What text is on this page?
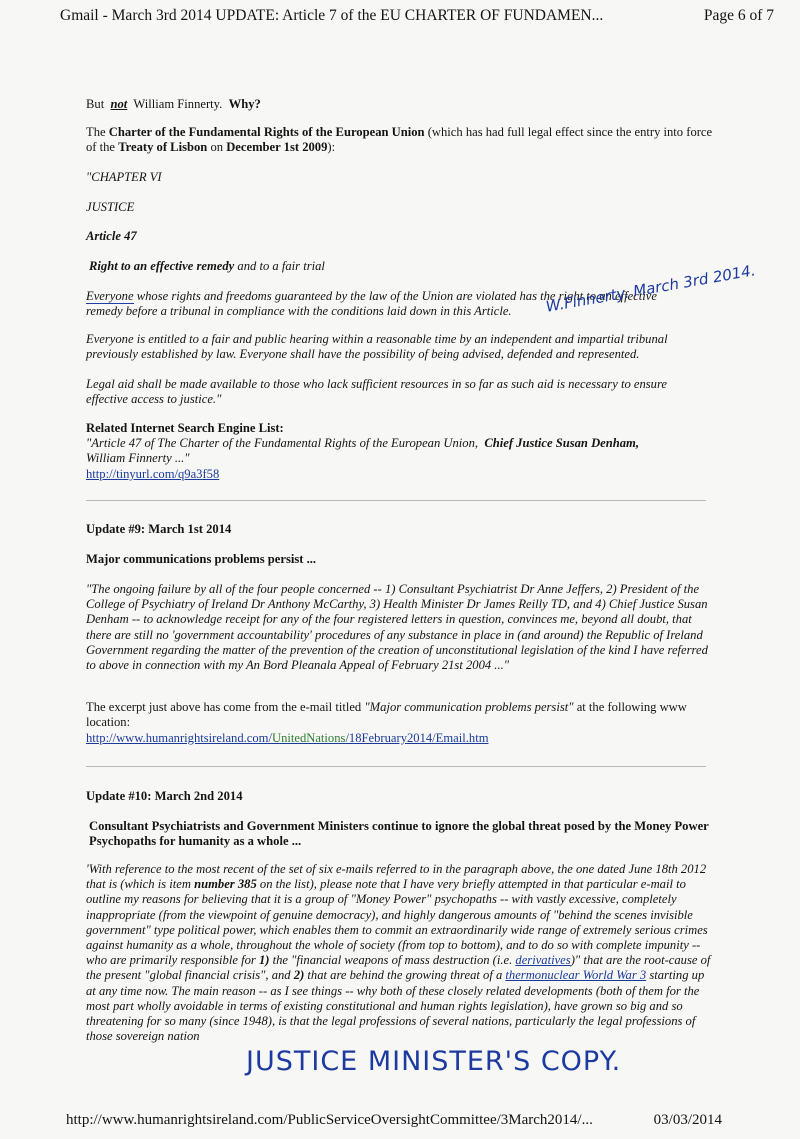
Gmail - March 3rd 2014 UPDATE: Article 7 of the EU CHARTER OF FUNDAMEN...	Page 6 of 7
But not William Finnerty. Why?
The Charter of the Fundamental Rights of the European Union (which has had full legal effect since the entry into force of the Treaty of Lisbon on December 1st 2009):
"CHAPTER VI
JUSTICE
Article 47
Right to an effective remedy and to a fair trial
Everyone whose rights and freedoms guaranteed by the law of the Union are violated has the right to an effective remedy before a tribunal in compliance with the conditions laid down in this Article.
Everyone is entitled to a fair and public hearing within a reasonable time by an independent and impartial tribunal previously established by law. Everyone shall have the possibility of being advised, defended and represented.
Legal aid shall be made available to those who lack sufficient resources in so far as such aid is necessary to ensure effective access to justice."
Related Internet Search Engine List:
"Article 47 of The Charter of the Fundamental Rights of the European Union, Chief Justice Susan Denham,
William Finnerty ..."
http://tinyurl.com/q9a3f58
Update #9: March 1st 2014
Major communications problems persist ...
"The ongoing failure by all of the four people concerned -- 1) Consultant Psychiatrist Dr Anne Jeffers, 2) President of the College of Psychiatry of Ireland Dr Anthony McCarthy, 3) Health Minister Dr James Reilly TD, and 4) Chief Justice Susan Denham -- to acknowledge receipt for any of the four registered letters in question, convinces me, beyond all doubt, that there are still no 'government accountability' procedures of any substance in place in (and around) the Republic of Ireland Government regarding the matter of the prevention of the creation of unconstitutional legislation of the kind I have referred to above in connection with my An Bord Pleanala Appeal of February 21st 2004 ..."
The excerpt just above has come from the e-mail titled "Major communication problems persist" at the following www location:
http://www.humanrightsireland.com/UnitedNations/18February2014/Email.htm
Update #10: March 2nd 2014
Consultant Psychiatrists and Government Ministers continue to ignore the global threat posed by the Money Power Psychopaths for humanity as a whole ...
'With reference to the most recent of the set of six e-mails referred to in the paragraph above, the one dated June 18th 2012 that is (which is item number 385 on the list), please note that I have very briefly attempted in that particular e-mail to outline my reasons for believing that it is a group of "Money Power" psychopaths -- with vastly excessive, completely inappropriate (from the viewpoint of genuine democracy), and highly dangerous amounts of "behind the scenes invisible government" type political power, which enables them to commit an extraordinarily wide range of extremely serious crimes against humanity as a whole, throughout the whole of society (from top to bottom), and to do so with complete impunity -- who are primarily responsible for 1) the "financial weapons of mass destruction (i.e. derivatives)" that are the root-cause of the present "global financial crisis", and 2) that are behind the growing threat of a thermonuclear World War 3 starting up at any time now. The main reason -- as I see things -- why both of these closely related developments (both of them for the most part wholly avoidable in terms of existing constitutional and human rights legislation), have grown so big and so threatening for so many (since 1948), is that the legal professions of several nations, particularly the legal professions of those sovereign nation
W.Finnerty. March 3rd 2014.
JUSTICE MINISTER'S COPY.
http://www.humanrightsireland.com/PublicServiceOversightCommittee/3March2014/...	03/03/2014
